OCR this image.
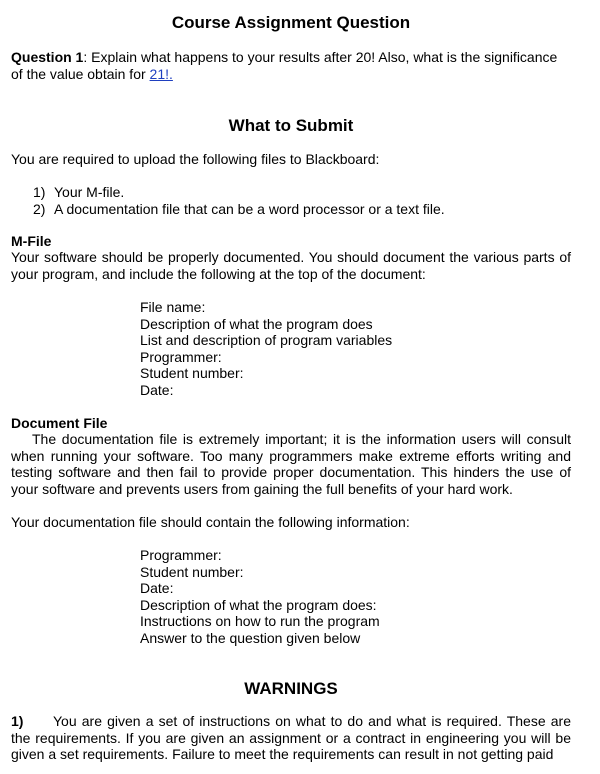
Course Assignment Question
Question 1: Explain what happens to your results after 20! Also, what is the significance of the value obtain for 21!.
What to Submit
You are required to upload the following files to Blackboard:
1) Your M-file.
2) A documentation file that can be a word processor or a text file.
M-File
Your software should be properly documented. You should document the various parts of your program, and include the following at the top of the document:
File name:
Description of what the program does
List and description of program variables
Programmer:
Student number:
Date:
Document File
The documentation file is extremely important; it is the information users will consult when running your software. Too many programmers make extreme efforts writing and testing software and then fail to provide proper documentation. This hinders the use of your software and prevents users from gaining the full benefits of your hard work.
Your documentation file should contain the following information:
Programmer:
Student number:
Date:
Description of what the program does:
Instructions on how to run the program
Answer to the question given below
WARNINGS
1) You are given a set of instructions on what to do and what is required. These are the requirements. If you are given an assignment or a contract in engineering you will be given a set requirements. Failure to meet the requirements can result in not getting paid
